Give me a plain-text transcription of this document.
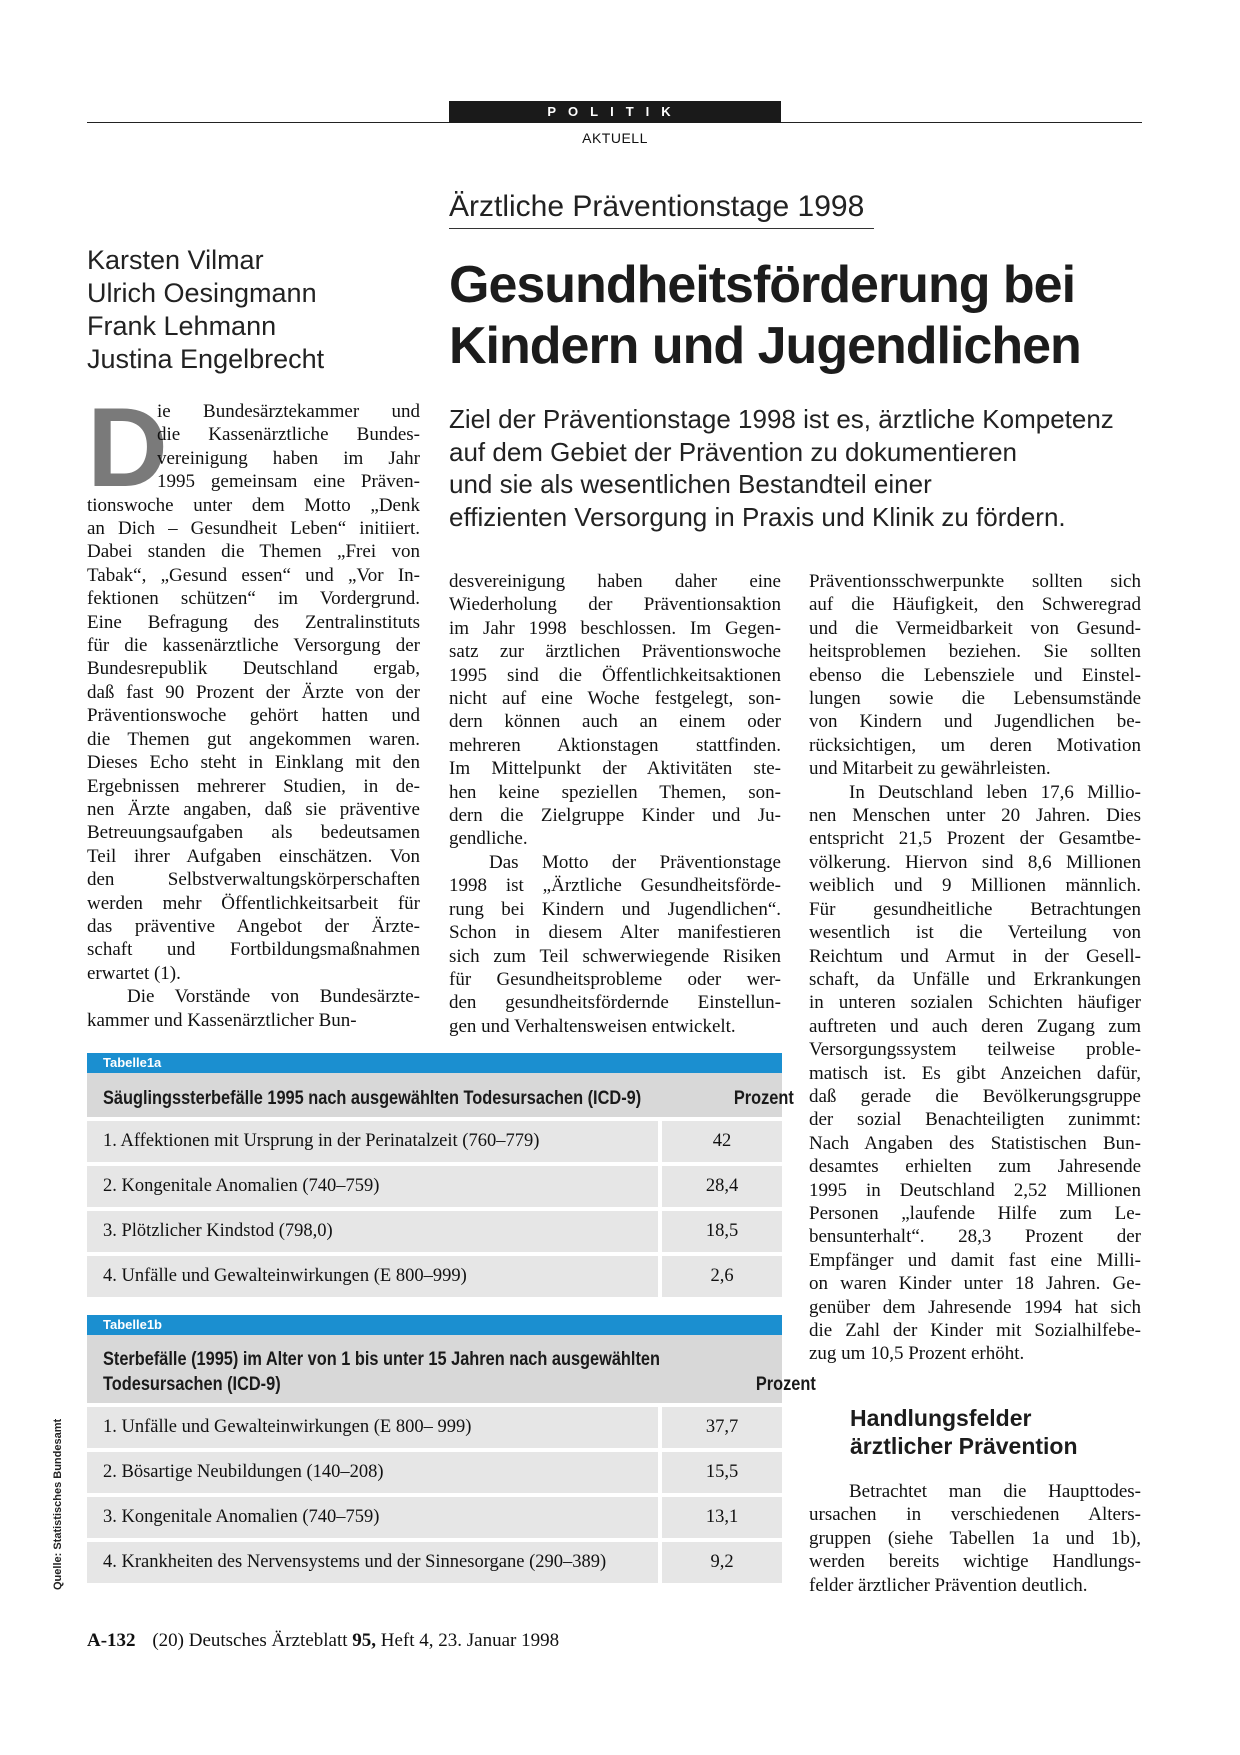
POLITIK
AKTUELL
Ärztliche Präventionstage 1998
Gesundheitsförderung bei
Kindern und Jugendlichen
Ziel der Präventionstage 1998 ist es, ärztliche Kompetenz
auf dem Gebiet der Prävention zu dokumentieren
und sie als wesentlichen Bestandteil einer
effizienten Versorgung in Praxis und Klinik zu fördern.
Karsten Vilmar
Ulrich Oesingmann
Frank Lehmann
Justina Engelbrecht
D
ie Bundesärztekammer und
die Kassenärztliche Bundes-
vereinigung haben im Jahr
1995 gemeinsam eine Präven-
tionswoche unter dem Motto „Denk
an Dich – Gesundheit Leben“ initiiert.
Dabei standen die Themen „Frei von
Tabak“, „Gesund essen“ und „Vor In-
fektionen schützen“ im Vordergrund.
Eine Befragung des Zentralinstituts
für die kassenärztliche Versorgung der
Bundesrepublik Deutschland ergab,
daß fast 90 Prozent der Ärzte von der
Präventionswoche gehört hatten und
die Themen gut angekommen waren.
Dieses Echo steht in Einklang mit den
Ergebnissen mehrerer Studien, in de-
nen Ärzte angaben, daß sie präventive
Betreuungsaufgaben als bedeutsamen
Teil ihrer Aufgaben einschätzen. Von
den Selbstverwaltungskörperschaften
werden mehr Öffentlichkeitsarbeit für
das präventive Angebot der Ärzte-
schaft und Fortbildungsmaßnahmen
erwartet (1).
Die Vorstände von Bundesärzte-
kammer und Kassenärztlicher Bun-
desvereinigung haben daher eine
Wiederholung der Präventionsaktion
im Jahr 1998 beschlossen. Im Gegen-
satz zur ärztlichen Präventionswoche
1995 sind die Öffentlichkeitsaktionen
nicht auf eine Woche festgelegt, son-
dern können auch an einem oder
mehreren Aktionstagen stattfinden.
Im Mittelpunkt der Aktivitäten ste-
hen keine speziellen Themen, son-
dern die Zielgruppe Kinder und Ju-
gendliche.
Das Motto der Präventionstage
1998 ist „Ärztliche Gesundheitsförde-
rung bei Kindern und Jugendlichen“.
Schon in diesem Alter manifestieren
sich zum Teil schwerwiegende Risiken
für Gesundheitsprobleme oder wer-
den gesundheitsfördernde Einstellun-
gen und Verhaltensweisen entwickelt.
Präventionsschwerpunkte sollten sich
auf die Häufigkeit, den Schweregrad
und die Vermeidbarkeit von Gesund-
heitsproblemen beziehen. Sie sollten
ebenso die Lebensziele und Einstel-
lungen sowie die Lebensumstände
von Kindern und Jugendlichen be-
rücksichtigen, um deren Motivation
und Mitarbeit zu gewährleisten.
In Deutschland leben 17,6 Millio-
nen Menschen unter 20 Jahren. Dies
entspricht 21,5 Prozent der Gesamtbe-
völkerung. Hiervon sind 8,6 Millionen
weiblich und 9 Millionen männlich.
Für gesundheitliche Betrachtungen
wesentlich ist die Verteilung von
Reichtum und Armut in der Gesell-
schaft, da Unfälle und Erkrankungen
in unteren sozialen Schichten häufiger
auftreten und auch deren Zugang zum
Versorgungssystem teilweise proble-
matisch ist. Es gibt Anzeichen dafür,
daß gerade die Bevölkerungsgruppe
der sozial Benachteiligten zunimmt:
Nach Angaben des Statistischen Bun-
desamtes erhielten zum Jahresende
1995 in Deutschland 2,52 Millionen
Personen „laufende Hilfe zum Le-
bensunterhalt“. 28,3 Prozent der
Empfänger und damit fast eine Milli-
on waren Kinder unter 18 Jahren. Ge-
genüber dem Jahresende 1994 hat sich
die Zahl der Kinder mit Sozialhilfebe-
zug um 10,5 Prozent erhöht.
Handlungsfelder
ärztlicher Prävention
Betrachtet man die Haupttodes-
ursachen in verschiedenen Alters-
gruppen (siehe Tabellen 1a und 1b),
werden bereits wichtige Handlungs-
felder ärztlicher Prävention deutlich.
Tabelle1a
Säuglingssterbefälle 1995 nach ausgewählten Todesursachen (ICD-9)	Prozent
1. Affektionen mit Ursprung in der Perinatalzeit (760–779)	42
2. Kongenitale Anomalien (740–759)	28,4
3. Plötzlicher Kindstod (798,0)	18,5
4. Unfälle und Gewalteinwirkungen (E 800–999)	2,6
Tabelle1b
Sterbefälle (1995) im Alter von 1 bis unter 15 Jahren nach ausgewählten
Todesursachen (ICD-9)	Prozent
1. Unfälle und Gewalteinwirkungen (E 800– 999)	37,7
2. Bösartige Neubildungen (140–208)	15,5
3. Kongenitale Anomalien (740–759)	13,1
4. Krankheiten des Nervensystems und der Sinnesorgane (290–389)	9,2
Quelle: Statistisches Bundesamt
A-132 (20) Deutsches Ärzteblatt 95, Heft 4, 23. Januar 1998
